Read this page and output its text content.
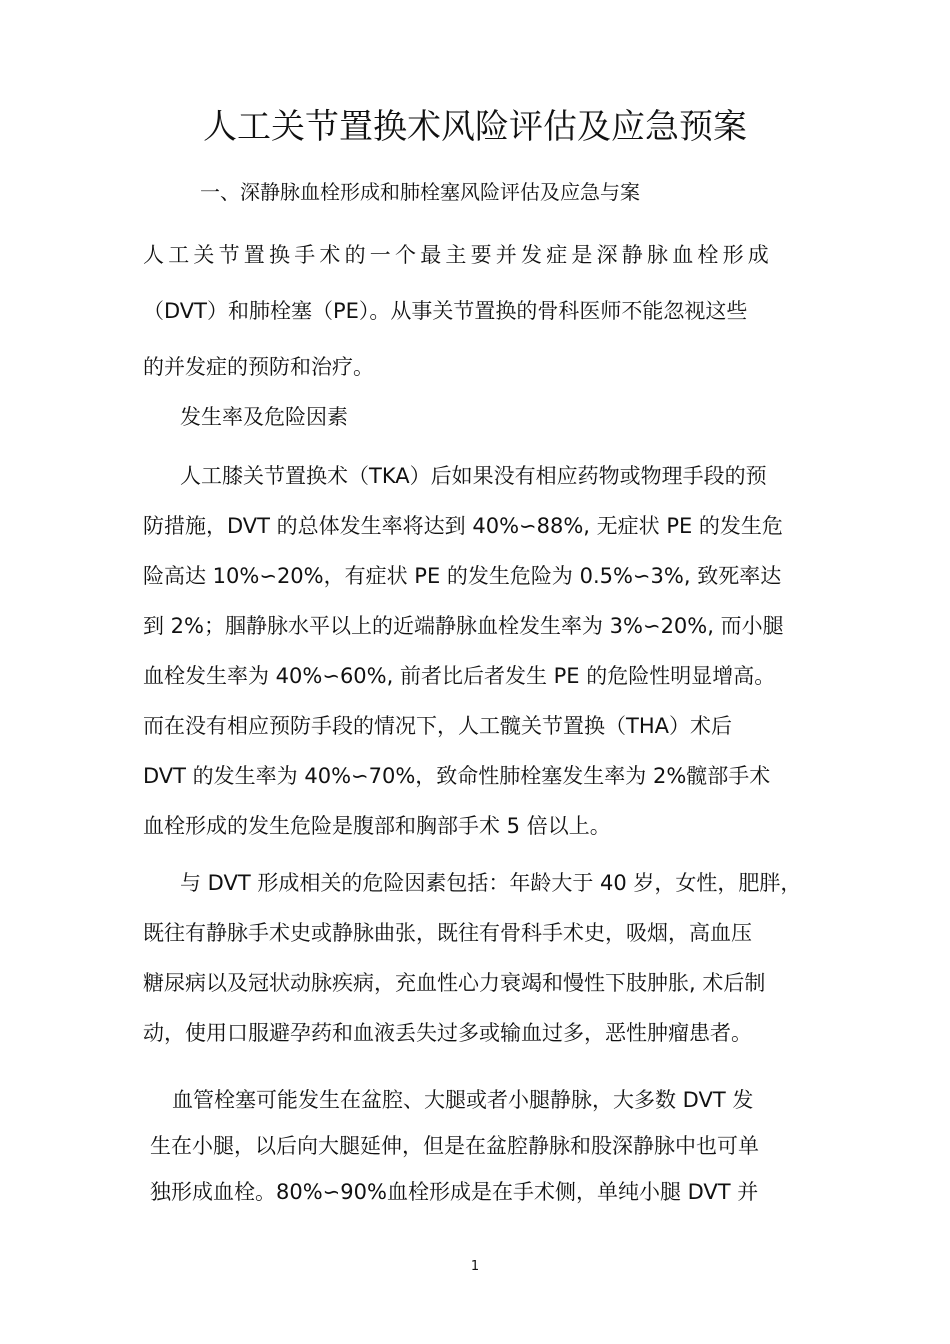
人工关节置换术风险评估及应急预案
一、深静脉血栓形成和肺栓塞风险评估及应急与案
人工关节置换手术的一个最主要并发症是深静脉血栓形成
（DVT）和肺栓塞（PE）。从事关节置换的骨科医师不能忽视这些
的并发症的预防和治疗。
发生率及危险因素
人工膝关节置换术（TKA）后如果没有相应药物或物理手段的预
防措施，DVT 的总体发生率将达到 40%∽88%, 无症状 PE 的发生危
险高达 10%∽20%，有症状 PE 的发生危险为 0.5%∽3%, 致死率达
到 2%；腘静脉水平以上的近端静脉血栓发生率为 3%∽20%, 而小腿
血栓发生率为 40%∽60%, 前者比后者发生 PE 的危险性明显增高。
而在没有相应预防手段的情况下，人工髋关节置换（THA）术后
DVT 的发生率为 40%∽70%，致命性肺栓塞发生率为 2%髋部手术
血栓形成的发生危险是腹部和胸部手术 5 倍以上。
与 DVT 形成相关的危险因素包括：年龄大于 40 岁，女性，肥胖，
既往有静脉手术史或静脉曲张，既往有骨科手术史，吸烟，高血压
糖尿病以及冠状动脉疾病，充血性心力衰竭和慢性下肢肿胀, 术后制
动，使用口服避孕药和血液丢失过多或输血过多，恶性肿瘤患者。
血管栓塞可能发生在盆腔、大腿或者小腿静脉，大多数 DVT 发
生在小腿，以后向大腿延伸，但是在盆腔静脉和股深静脉中也可单
独形成血栓。80%∽90%血栓形成是在手术侧，单纯小腿 DVT 并
1
